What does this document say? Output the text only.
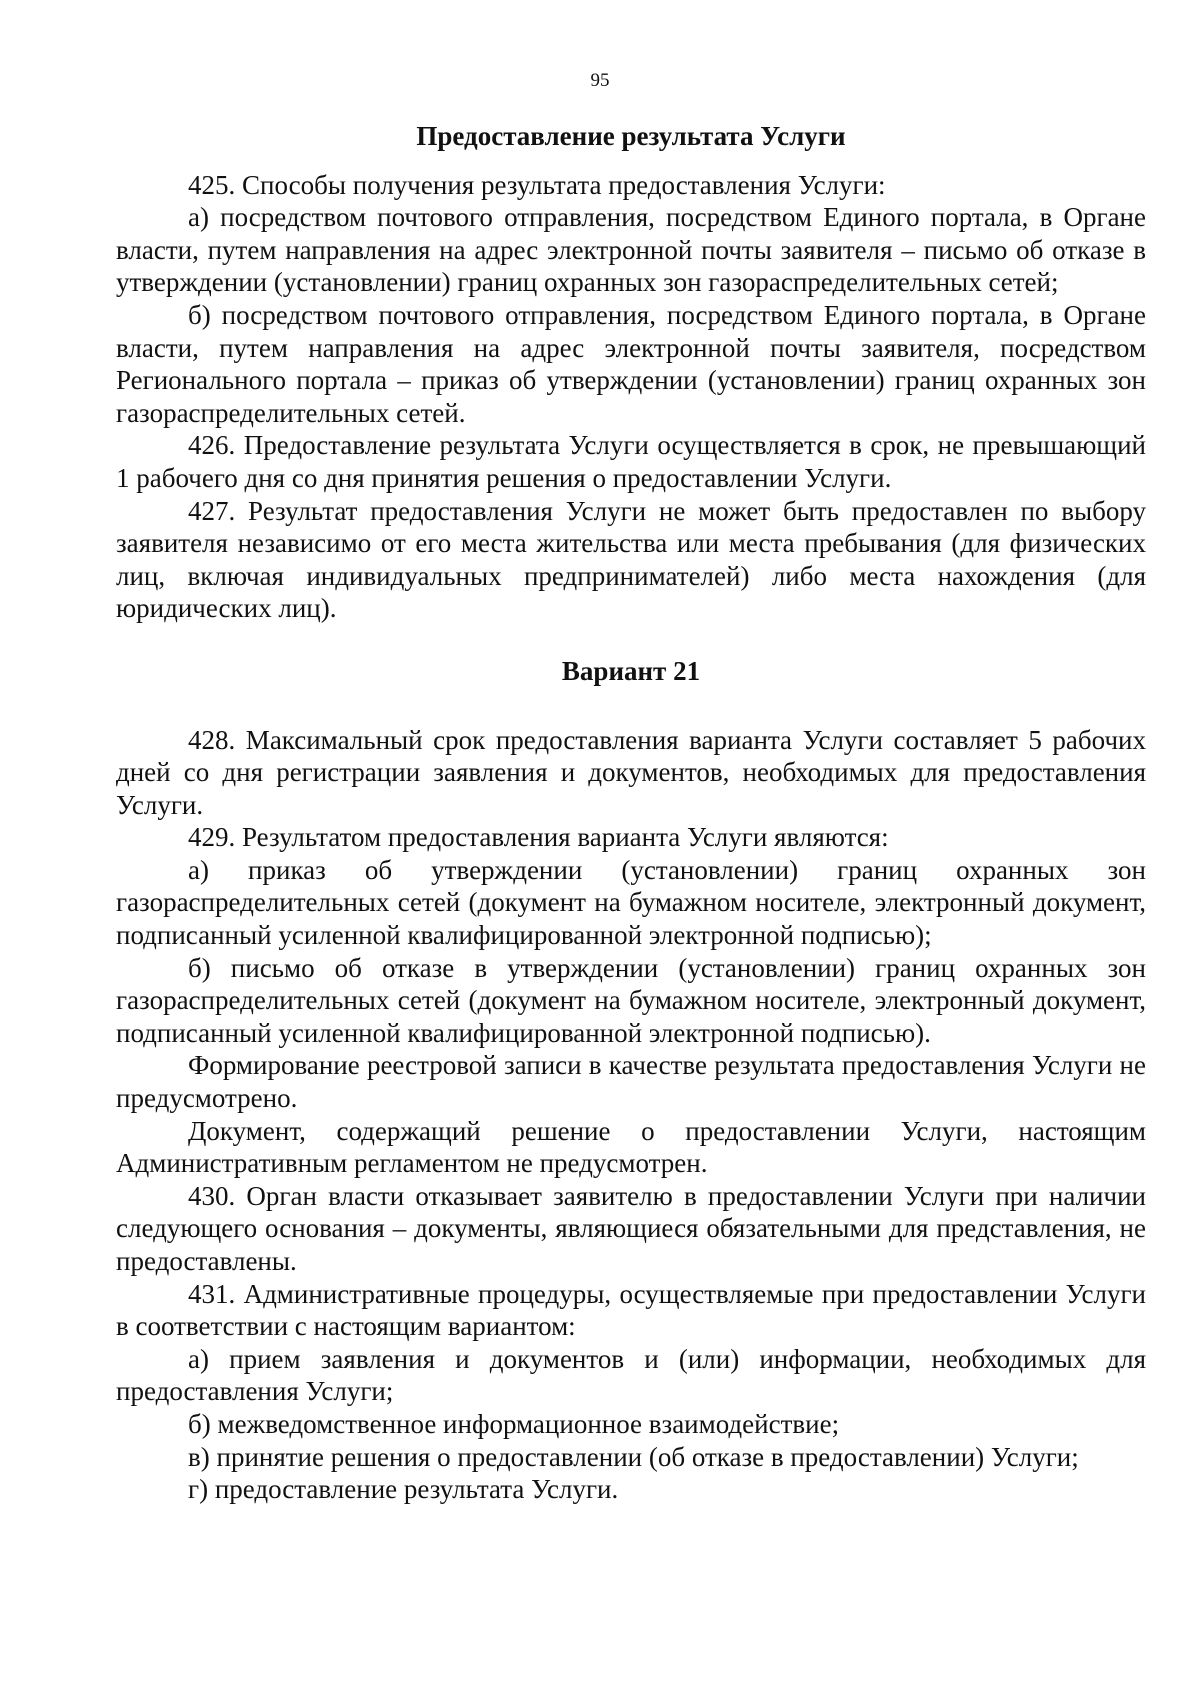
95
Предоставление результата Услуги

425. Способы получения результата предоставления Услуги:

а) посредством почтового отправления, посредством Единого портала, в Органе власти, путем направления на адрес электронной почты заявителя – письмо об отказе в утверждении (установлении) границ охранных зон газораспределительных сетей;

б) посредством почтового отправления, посредством Единого портала, в Органе власти, путем направления на адрес электронной почты заявителя, посредством Регионального портала – приказ об утверждении (установлении) границ охранных зон газораспределительных сетей.

426. Предоставление результата Услуги осуществляется в срок, не превышающий 1 рабочего дня со дня принятия решения о предоставлении Услуги.

427. Результат предоставления Услуги не может быть предоставлен по выбору заявителя независимо от его места жительства или места пребывания (для физических лиц, включая индивидуальных предпринимателей) либо места нахождения (для юридических лиц).

Вариант 21

428. Максимальный срок предоставления варианта Услуги составляет 5 рабочих дней со дня регистрации заявления и документов, необходимых для предоставления Услуги.

429. Результатом предоставления варианта Услуги являются:

а) приказ об утверждении (установлении) границ охранных зон газораспределительных сетей (документ на бумажном носителе, электронный документ, подписанный усиленной квалифицированной электронной подписью);

б) письмо об отказе в утверждении (установлении) границ охранных зон газораспределительных сетей (документ на бумажном носителе, электронный документ, подписанный усиленной квалифицированной электронной подписью).

Формирование реестровой записи в качестве результата предоставления Услуги не предусмотрено.

Документ, содержащий решение о предоставлении Услуги, настоящим Административным регламентом не предусмотрен.

430. Орган власти отказывает заявителю в предоставлении Услуги при наличии следующего основания – документы, являющиеся обязательными для представления, не предоставлены.

431. Административные процедуры, осуществляемые при предоставлении Услуги в соответствии с настоящим вариантом:

а) прием заявления и документов и (или) информации, необходимых для предоставления Услуги;

б) межведомственное информационное взаимодействие;

в) принятие решения о предоставлении (об отказе в предоставлении) Услуги;

г) предоставление результата Услуги.
